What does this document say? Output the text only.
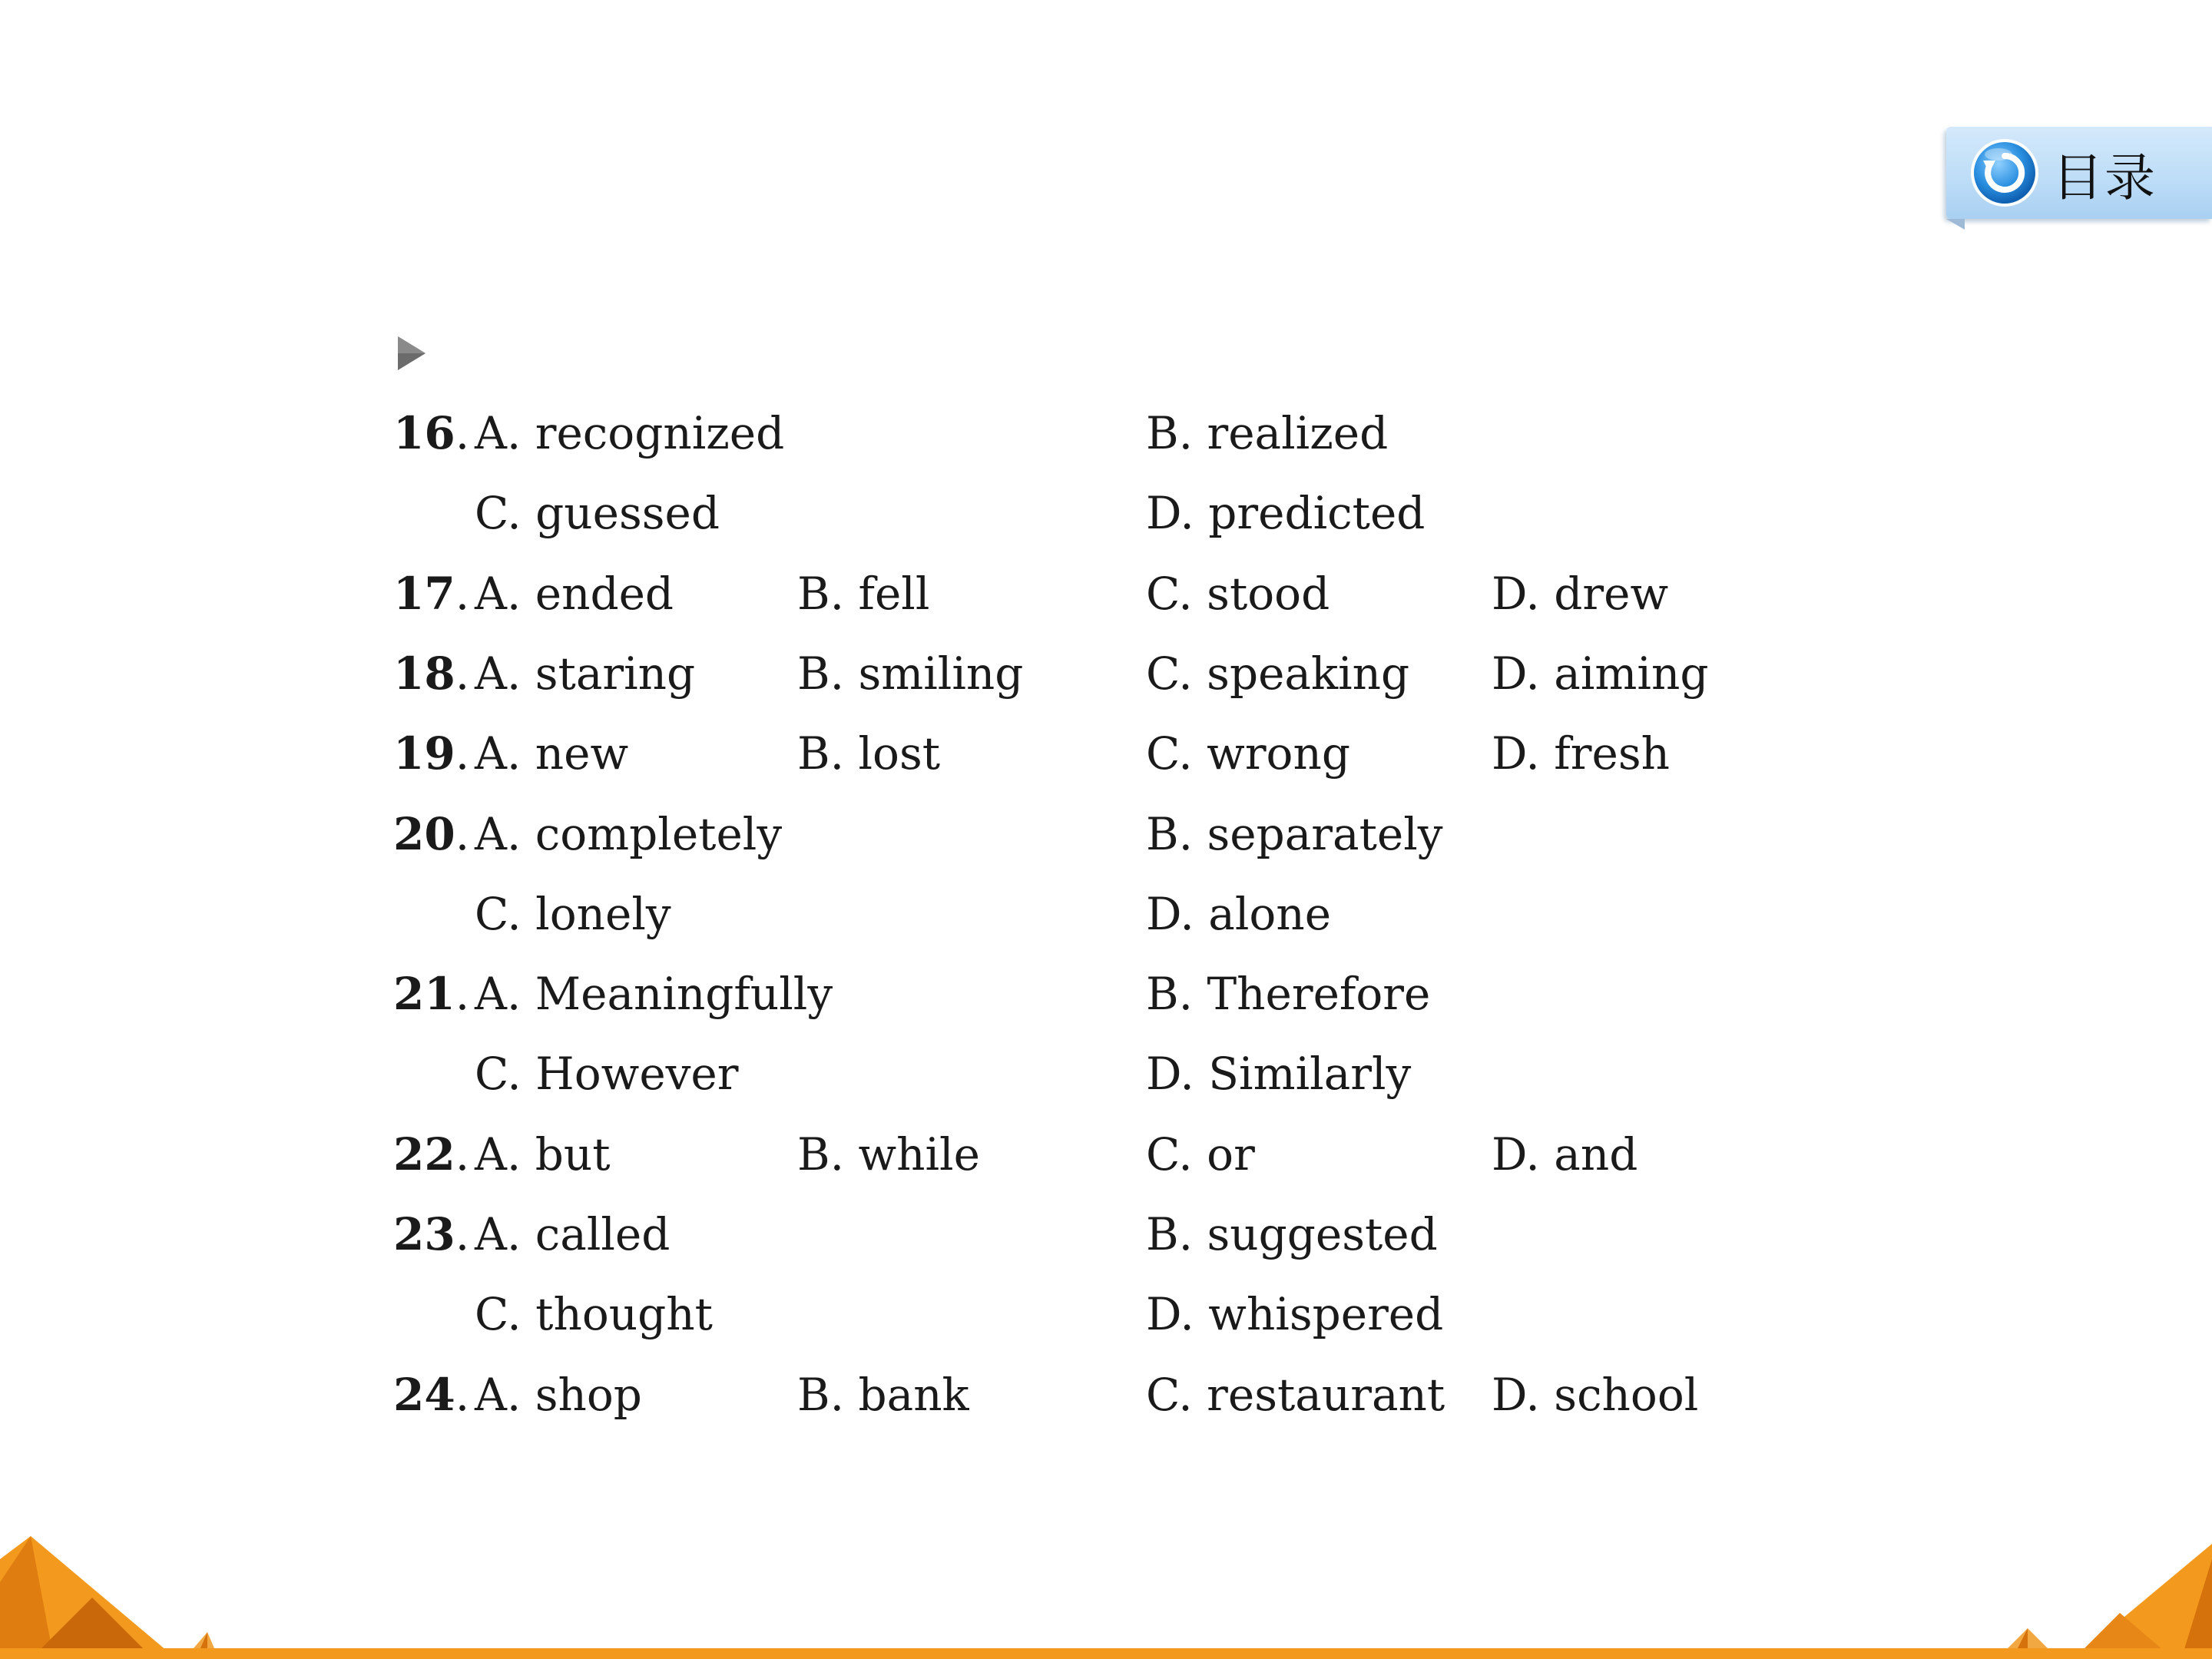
目录
16. A. recognized	B. realized
C. guessed	D. predicted
17. A. ended	B. fell	C. stood	D. drew
18. A. staring B. smiling	C. speaking D. aiming
19. A. new	B. lost	C. wrong	D. fresh
20. A. completely	B. separately
C. lonely	D. alone
21. A. Meaningfully	B. Therefore
C. However	D. Similarly
22. A. but	B. while	C. or	D. and
23. A. called	B. suggested
C. thought	D. whispered
24. A. shop	B. bank	C. restaurant D. school
